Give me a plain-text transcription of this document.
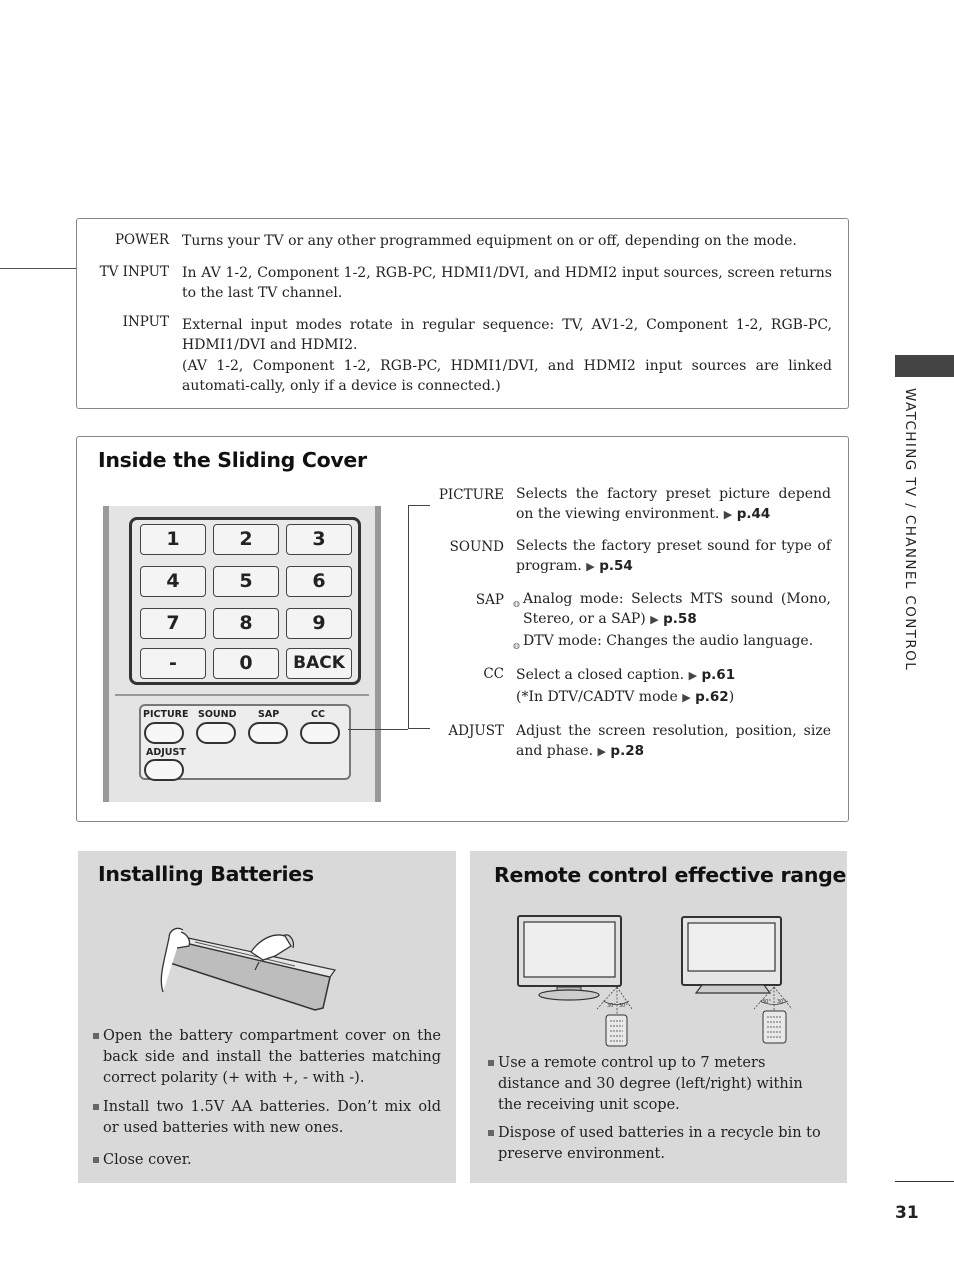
WATCHING TV / CHANNEL CONTROL
31
POWER Turns your TV or any other programmed equipment on or off, depending on the mode.
TV INPUT In AV 1-2, Component 1-2, RGB-PC, HDMI1/DVI, and HDMI2 input sources, screen returns to the last TV channel.
INPUT External input modes rotate in regular sequence: TV, AV1-2, Component 1-2, RGB-PC, HDMI1/DVI and HDMI2.
(AV 1-2, Component 1-2, RGB-PC, HDMI1/DVI, and HDMI2 input sources are linked automati-cally, only if a device is connected.)
Inside the Sliding Cover
1	2	3
4	5	6
7	8	9
-	0	BACK
PICTURE SOUND SAP	CC
ADJUST
PICTURE Selects the factory preset picture depend on the viewing environment. ▶ p.44
SOUND Selects the factory preset sound for type of program. ▶ p.54
SAP ◍ Analog mode: Selects MTS sound (Mono, Stereo, or a SAP) ▶ p.58
◍ DTV mode: Changes the audio language.
CC Select a closed caption. ▶ p.61
(*In DTV/CADTV mode ▶ p.62)
ADJUST Adjust the screen resolution, position, size and phase. ▶ p.28
Installing Batteries
Open the battery compartment cover on the back side and install the batteries matching correct polarity (+ with +, - with -).
Install two 1.5V AA batteries. Don’t mix old or used batteries with new ones.
Close cover.
Remote control effective range
30° 30°
30° 30°
Use a remote control up to 7 meters distance and 30 degree (left/right) within the receiving unit scope.
Dispose of used batteries in a recycle bin to preserve environment.
